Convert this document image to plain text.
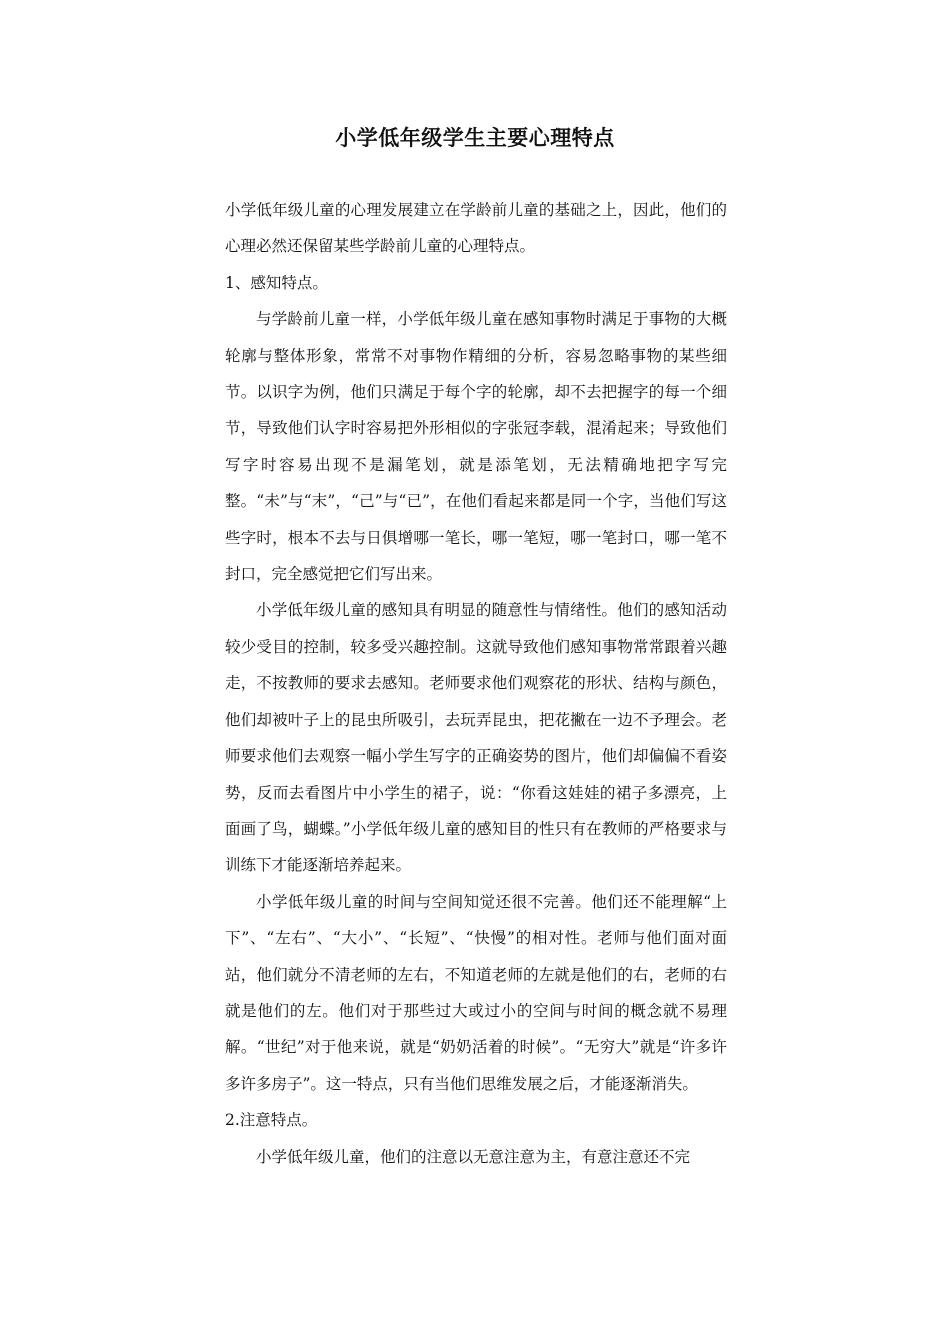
小学低年级学生主要心理特点

小学低年级儿童的心理发展建立在学龄前儿童的基础之上，因此，他们的心理必然还保留某些学龄前儿童的心理特点。

1、感知特点。

与学龄前儿童一样，小学低年级儿童在感知事物时满足于事物的大概轮廓与整体形象，常常不对事物作精细的分析，容易忽略事物的某些细节。以识字为例，他们只满足于每个字的轮廓，却不去把握字的每一个细节，导致他们认字时容易把外形相似的字张冠李载，混淆起来；导致他们写字时容易出现不是漏笔划，就是添笔划，无法精确地把字写完整。“未”与“末”，“己”与“已”，在他们看起来都是同一个字，当他们写这些字时，根本不去与日俱增哪一笔长，哪一笔短，哪一笔封口，哪一笔不封口，完全感觉把它们写出来。

小学低年级儿童的感知具有明显的随意性与情绪性。他们的感知活动较少受目的控制，较多受兴趣控制。这就导致他们感知事物常常跟着兴趣走，不按教师的要求去感知。老师要求他们观察花的形状、结构与颜色，他们却被叶子上的昆虫所吸引，去玩弄昆虫，把花撇在一边不予理会。老师要求他们去观察一幅小学生写字的正确姿势的图片，他们却偏偏不看姿势，反而去看图片中小学生的裙子，说：“你看这娃娃的裙子多漂亮，上面画了鸟，蝴蝶。”小学低年级儿童的感知目的性只有在教师的严格要求与训练下才能逐渐培养起来。

小学低年级儿童的时间与空间知觉还很不完善。他们还不能理解“上下”、“左右”、“大小”、“长短”、“快慢”的相对性。老师与他们面对面站，他们就分不清老师的左右，不知道老师的左就是他们的右，老师的右就是他们的左。他们对于那些过大或过小的空间与时间的概念就不易理解。“世纪”对于他来说，就是“奶奶活着的时候”。“无穷大”就是“许多许多许多房子”。这一特点，只有当他们思维发展之后，才能逐渐消失。

2.注意特点。

小学低年级儿童，他们的注意以无意注意为主，有意注意还不完
